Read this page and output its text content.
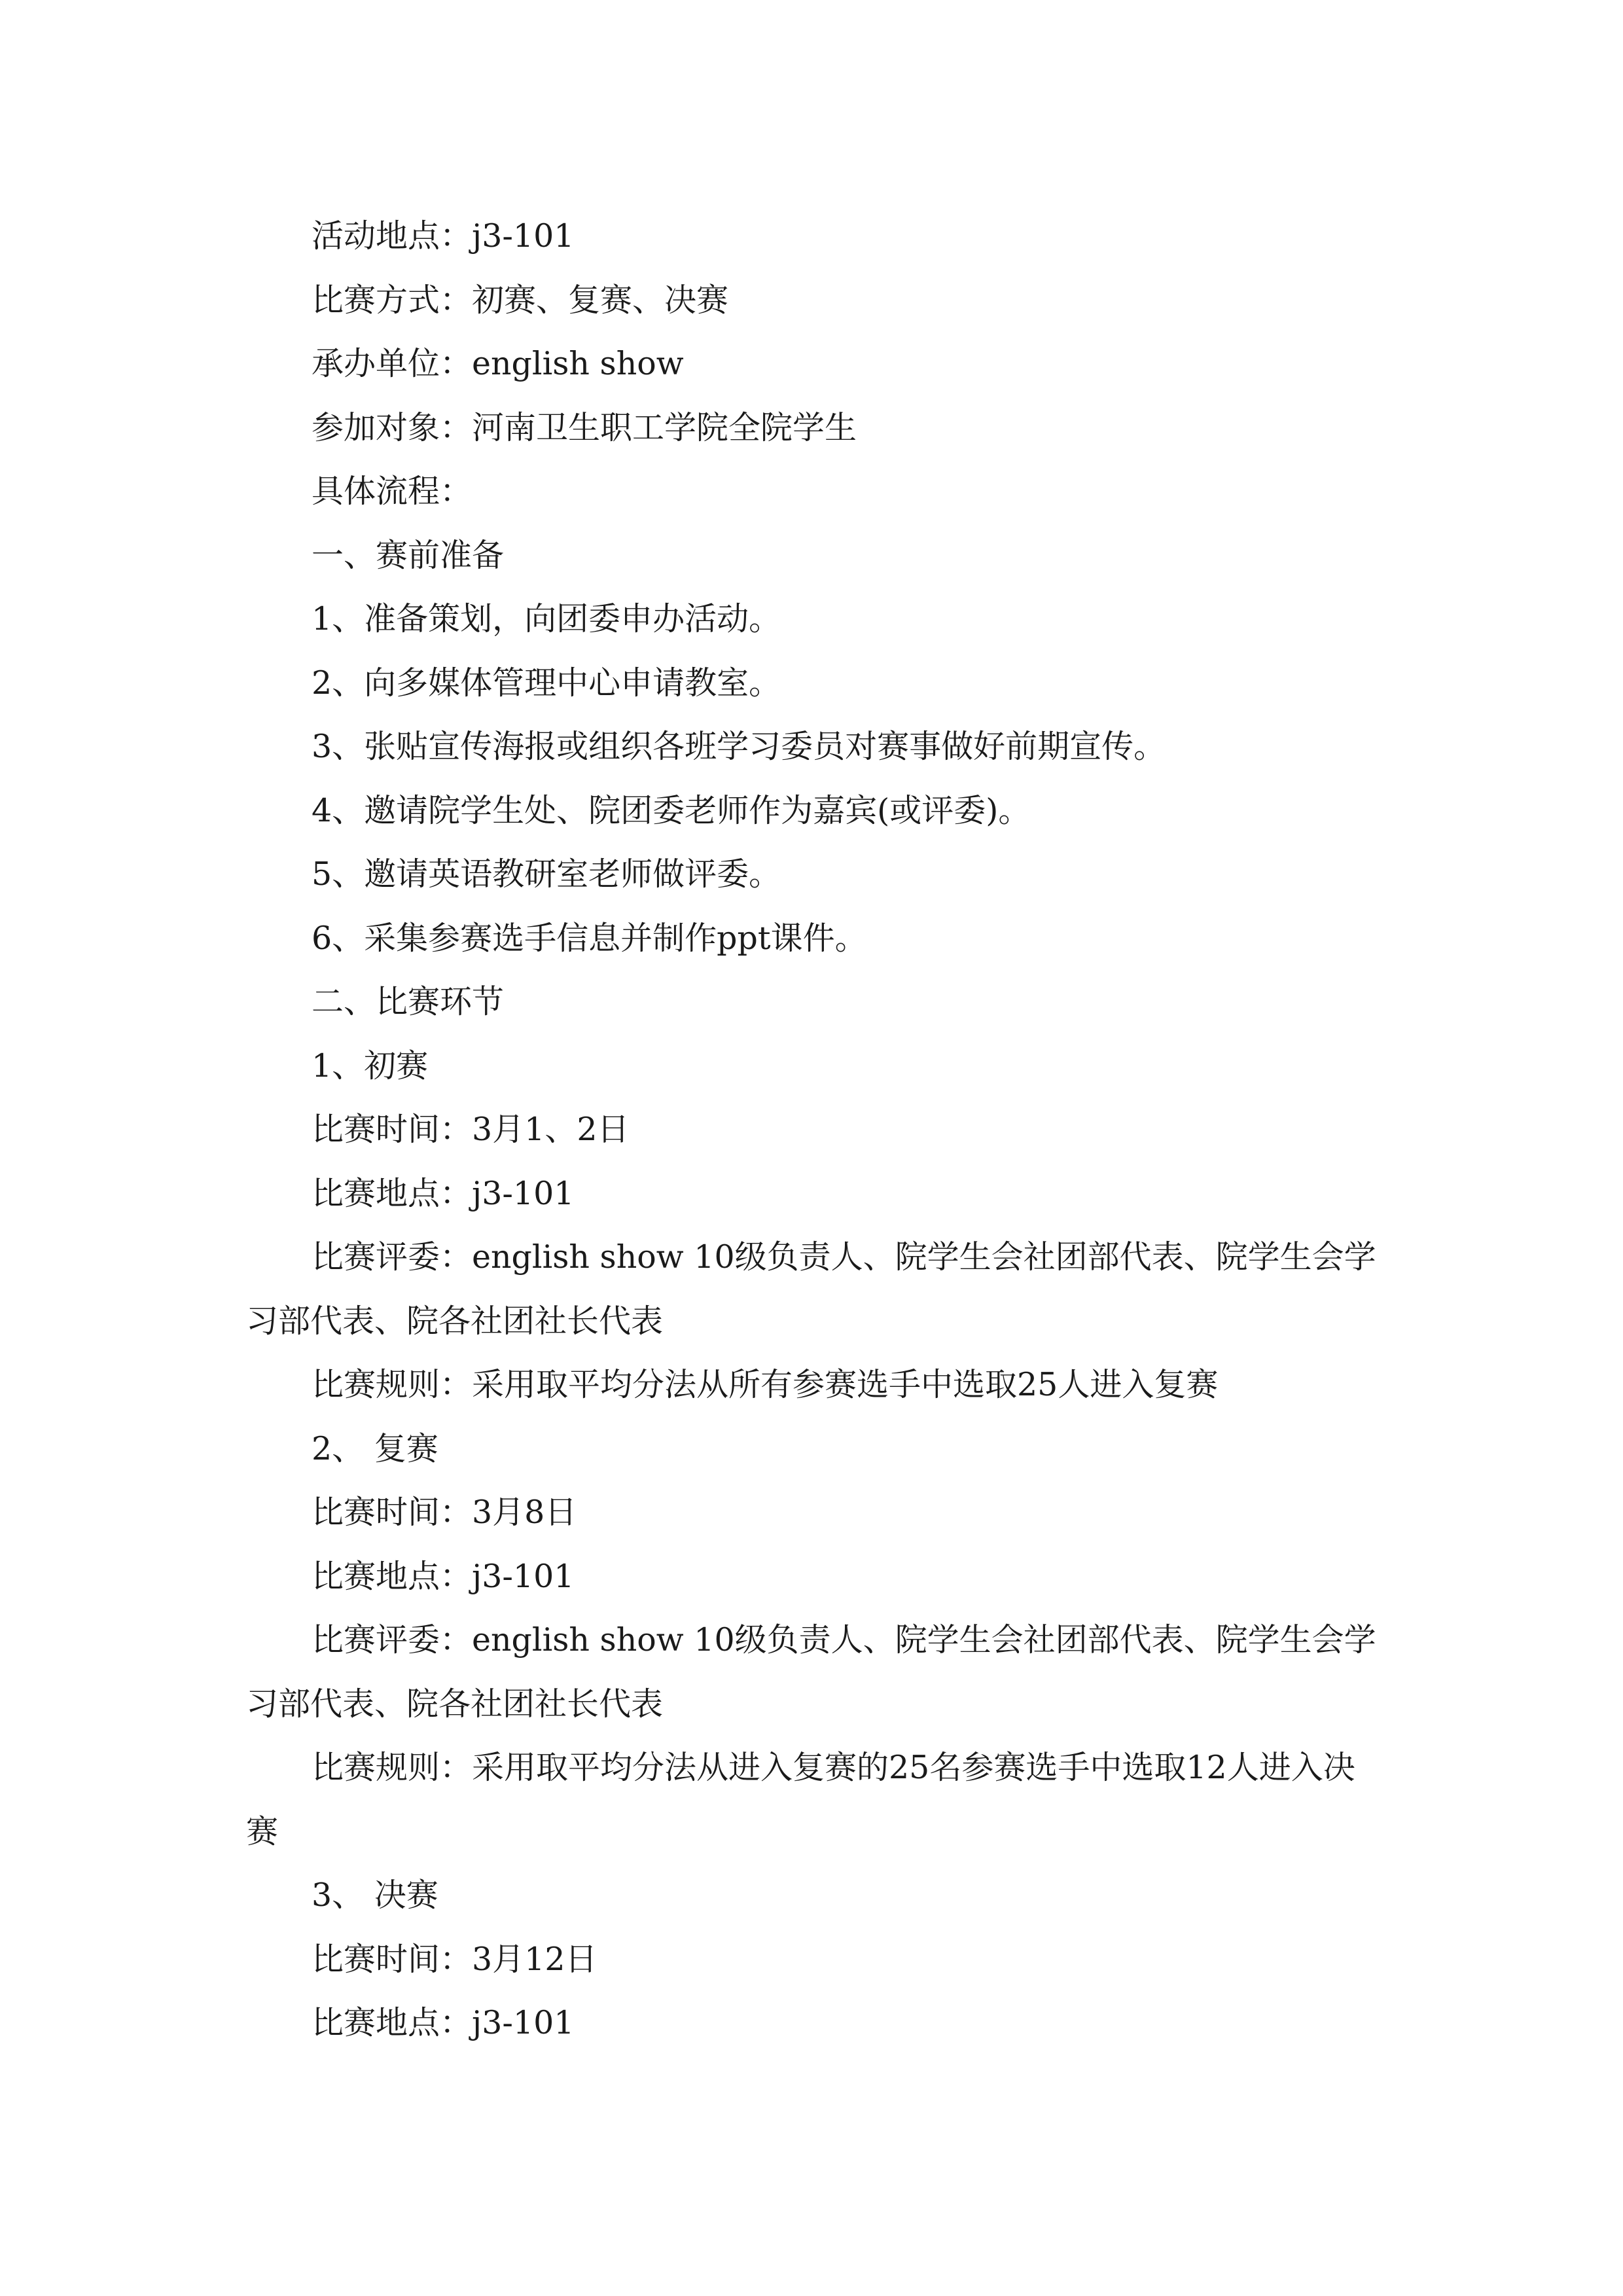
活动地点：j3-101

比赛方式：初赛、复赛、决赛

承办单位：english show

参加对象：河南卫生职工学院全院学生

具体流程：

一、赛前准备

1、准备策划，向团委申办活动。

2、向多媒体管理中心申请教室。

3、张贴宣传海报或组织各班学习委员对赛事做好前期宣传。

4、邀请院学生处、院团委老师作为嘉宾(或评委)。

5、邀请英语教研室老师做评委。

6、采集参赛选手信息并制作ppt课件。

二、比赛环节

1、初赛

比赛时间：3月1、2日

比赛地点：j3-101

比赛评委：english show 10级负责人、院学生会社团部代表、院学生会学习部代表、院各社团社长代表

比赛规则：采用取平均分法从所有参赛选手中选取25人进入复赛

2、 复赛

比赛时间：3月8日

比赛地点：j3-101

比赛评委：english show 10级负责人、院学生会社团部代表、院学生会学习部代表、院各社团社长代表

比赛规则：采用取平均分法从进入复赛的25名参赛选手中选取12人进入决赛

3、 决赛

比赛时间：3月12日

比赛地点：j3-101
